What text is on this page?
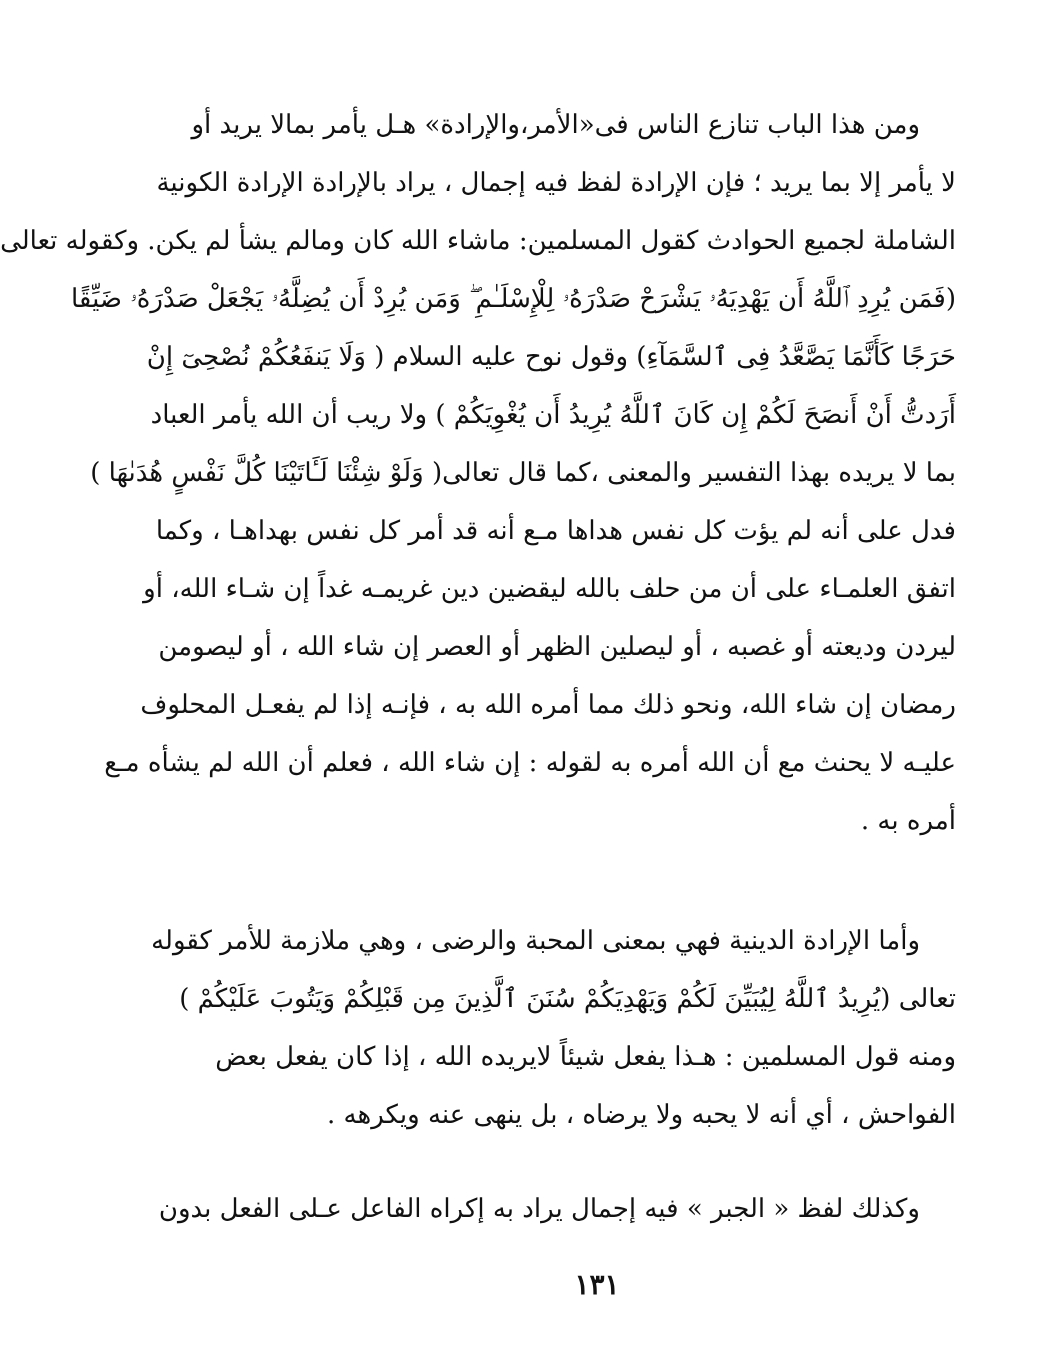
ومن هذا الباب تنازع الناس فى«الأمر،والإرادة» هـل يأمر بمالا يريد أو
لا يأمر إلا بما يريد ؛ فإن الإرادة لفظ فيه إجمال ، يراد بالإرادة الإرادة الكونية
الشاملة لجميع الحوادث كقول المسلمين: ماشاء الله كان ومالم يشأ لم يكن. وكقوله تعالى
(فَمَن يُرِدِ ٱللَّهُ أَن يَهْدِيَهُۥ يَشْرَحْ صَدْرَهُۥ لِلْإِسْلَـٰمِ ۖ وَمَن يُرِدْ أَن يُضِلَّهُۥ يَجْعَلْ صَدْرَهُۥ ضَيِّقًا
حَرَجًا كَأَنَّمَا يَصَّعَّدُ فِى ٱلسَّمَآءِ) وقول نوح عليه السلام ( وَلَا يَنفَعُكُمْ نُصْحِىٓ إِنْ
أَرَدتُّ أَنْ أَنصَحَ لَكُمْ إِن كَانَ ٱللَّهُ يُرِيدُ أَن يُغْوِيَكُمْ ) ولا ريب أن الله يأمر العباد
بما لا يريده بهذا التفسير والمعنى ،كما قال تعالى( وَلَوْ شِئْنَا لَـَٔاتَيْنَا كُلَّ نَفْسٍ هُدَىٰهَا )
فدل على أنه لم يؤت كل نفس هداها مـع أنه قد أمر كل نفس بهداهـا ، وكما
اتفق العلمـاء على أن من حلف بالله ليقضين دين غريمـه غداً إن شـاء الله، أو
ليردن وديعته أو غصبه ، أو ليصلين الظهر أو العصر إن شاء الله ، أو ليصومن
رمضان إن شاء الله، ونحو ذلك مما أمره الله به ، فإنـه إذا لم يفعـل المحلوف
عليـه لا يحنث مع أن الله أمره به لقوله : إن شاء الله ، فعلم أن الله لم يشأه مـع
أمره به .
وأما الإرادة الدينية فهي بمعنى المحبة والرضى ، وهي ملازمة للأمر كقوله
تعالى (يُرِيدُ ٱللَّهُ لِيُبَيِّنَ لَكُمْ وَيَهْدِيَكُمْ سُنَنَ ٱلَّذِينَ مِن قَبْلِكُمْ وَيَتُوبَ عَلَيْكُمْ )
ومنه قول المسلمين : هـذا يفعل شيئاً لايريده الله ، إذا كان يفعل بعض
الفواحش ، أي أنه لا يحبه ولا يرضاه ، بل ينهى عنه ويكرهه .
وكذلك لفظ « الجبر » فيه إجمال يراد به إكراه الفاعل عـلى الفعل بدون
١٣١
